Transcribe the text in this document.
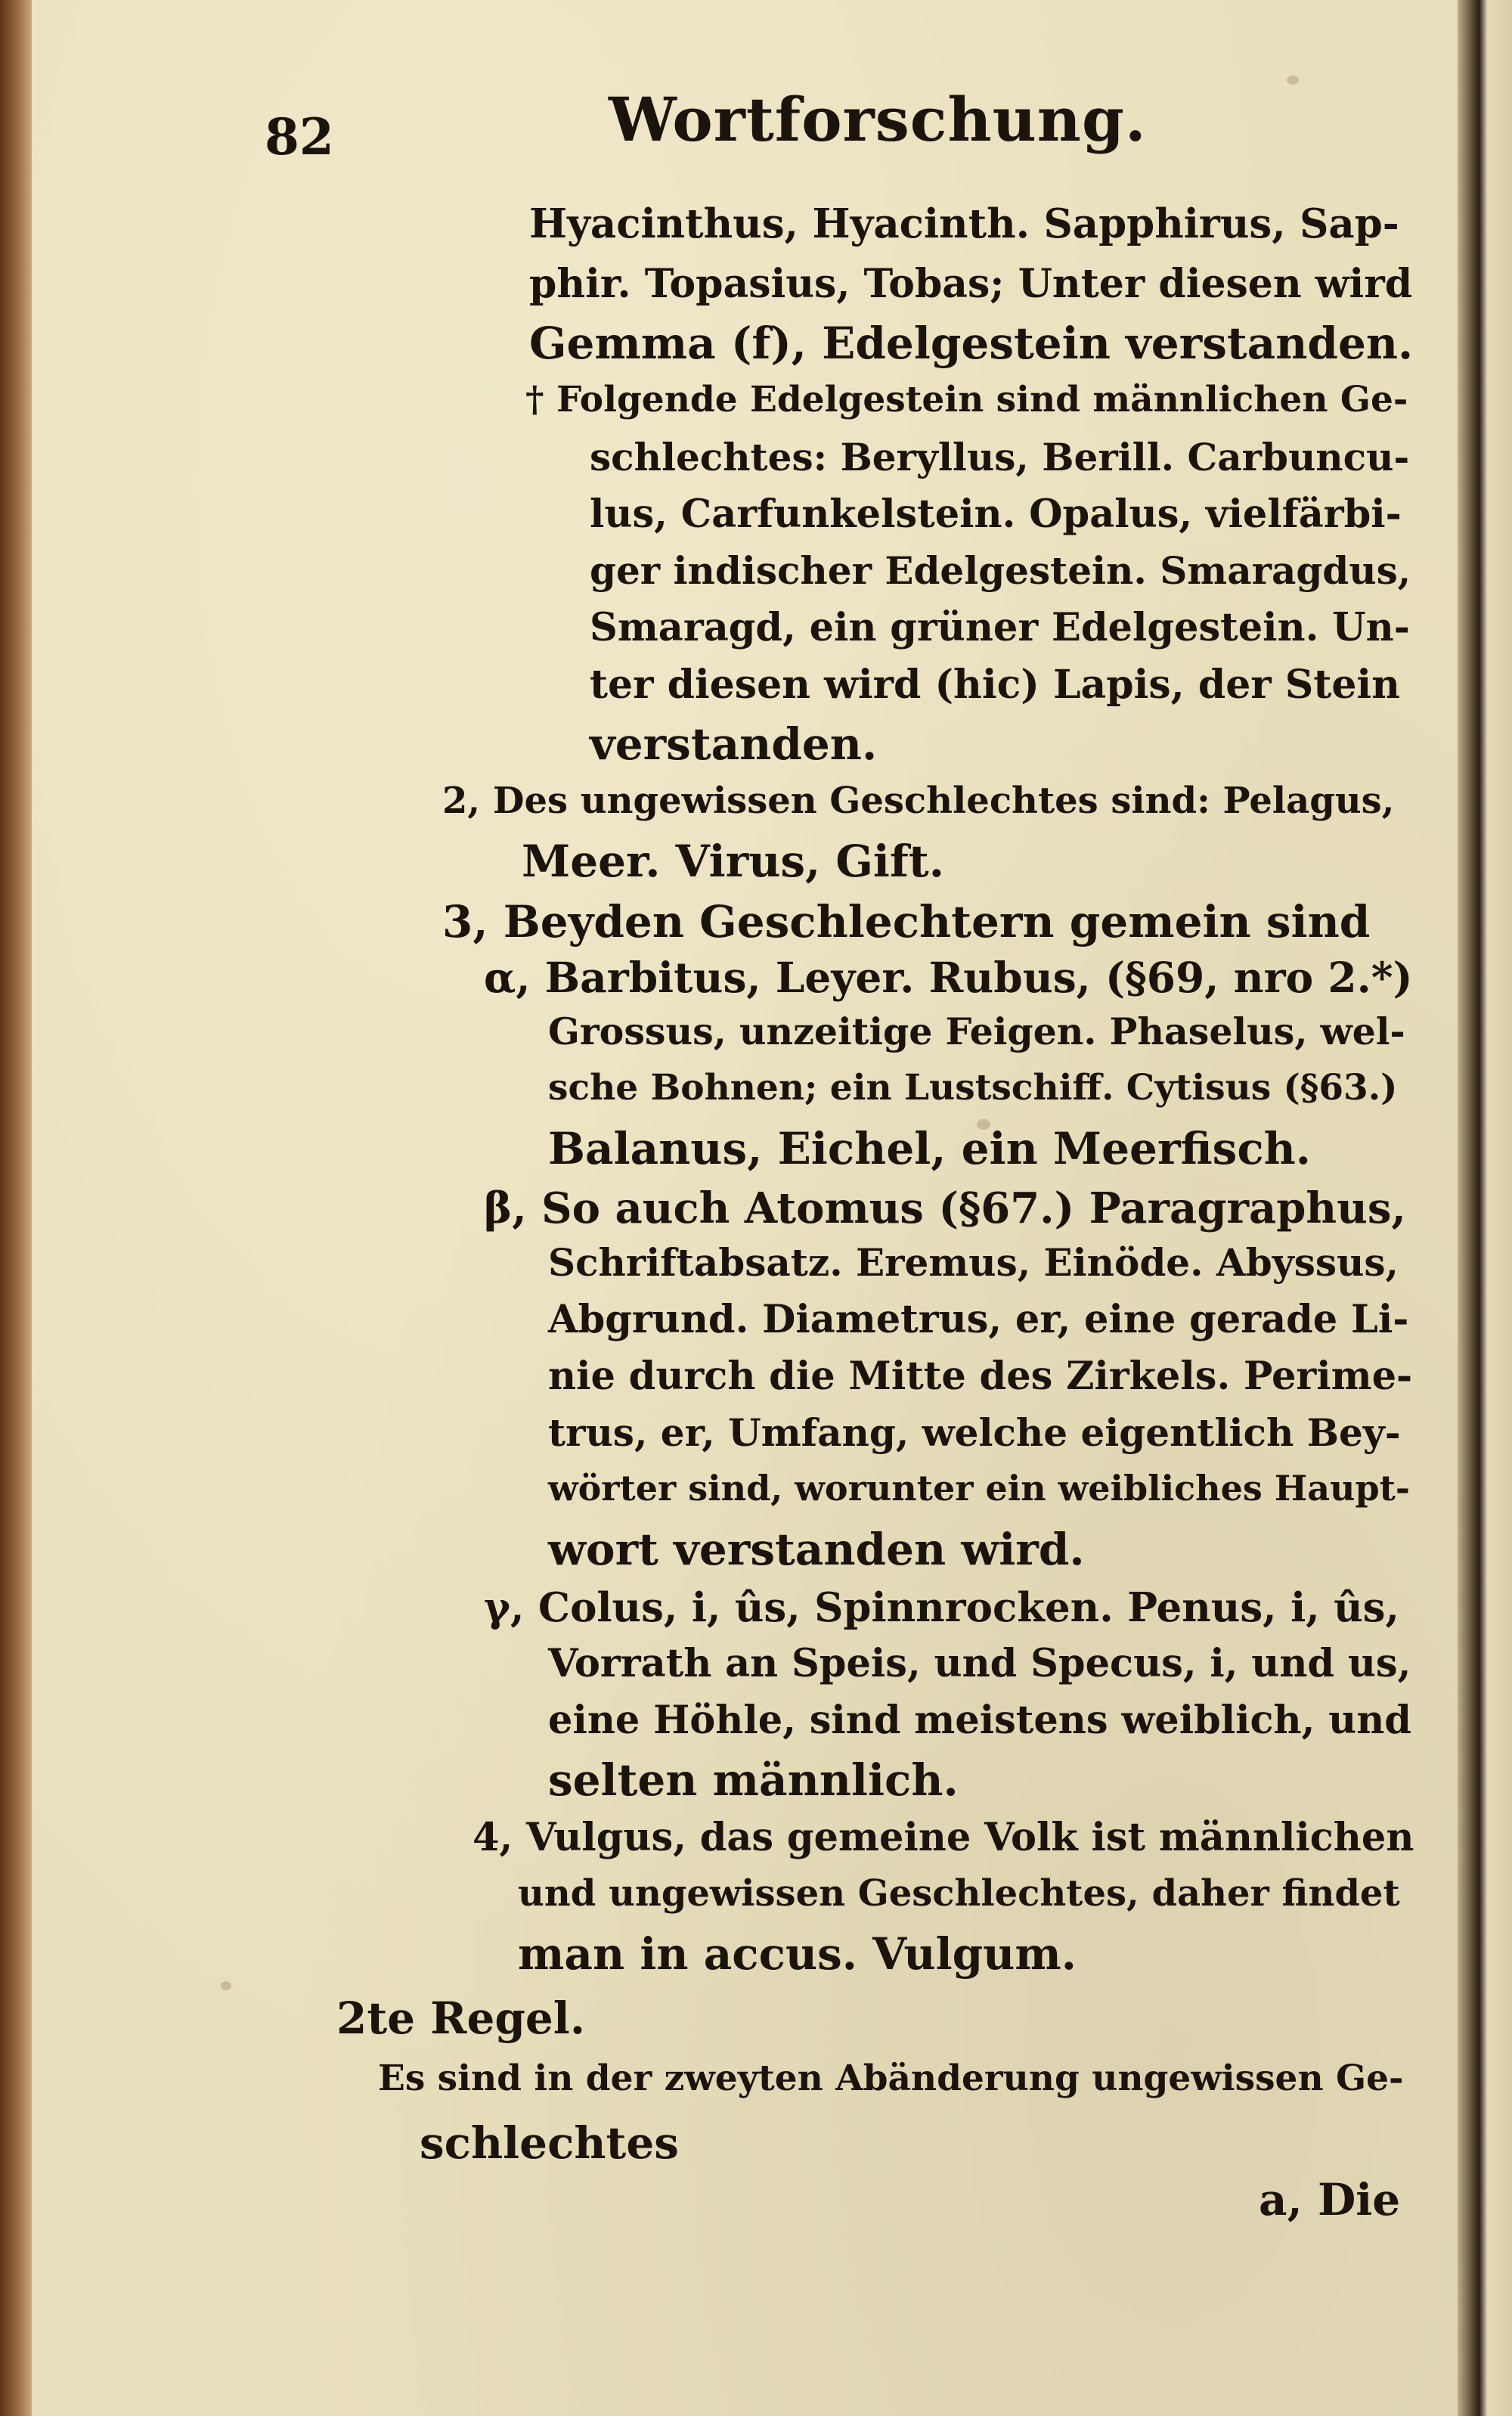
82	Wortforschung.
Hyacinthus, Hyacinth. Sapphirus, Sap-
phir. Topasius, Tobas; Unter diesen wird
Gemma (f), Edelgestein verstanden.
† Folgende Edelgestein sind männlichen Ge-
schlechtes: Beryllus, Berill. Carbuncu-
lus, Carfunkelstein. Opalus, vielfärbi-
ger indischer Edelgestein. Smaragdus,
Smaragd, ein grüner Edelgestein. Un-
ter diesen wird (hic) Lapis, der Stein
verstanden.
2, Des ungewissen Geschlechtes sind: Pelagus,
Meer. Virus, Gift.
3, Beyden Geschlechtern gemein sind
α, Barbitus, Leyer. Rubus, (§69, nro 2.*)
Grossus, unzeitige Feigen. Phaselus, wel-
sche Bohnen; ein Lustschiff. Cytisus (§63.)
Balanus, Eichel, ein Meerfisch.
β, So auch Atomus (§67.) Paragraphus,
Schriftabsatz. Eremus, Einöde. Abyssus,
Abgrund. Diametrus, er, eine gerade Li-
nie durch die Mitte des Zirkels. Perime-
trus, er, Umfang, welche eigentlich Bey-
wörter sind, worunter ein weibliches Haupt-
wort verstanden wird.
γ, Colus, i, ûs, Spinnrocken. Penus, i, ûs,
Vorrath an Speis, und Specus, i, und us,
eine Höhle, sind meistens weiblich, und
selten männlich.
4, Vulgus, das gemeine Volk ist männlichen
und ungewissen Geschlechtes, daher findet
man in accus. Vulgum.
2te Regel.
Es sind in der zweyten Abänderung ungewissen Ge-
schlechtes
a, Die
